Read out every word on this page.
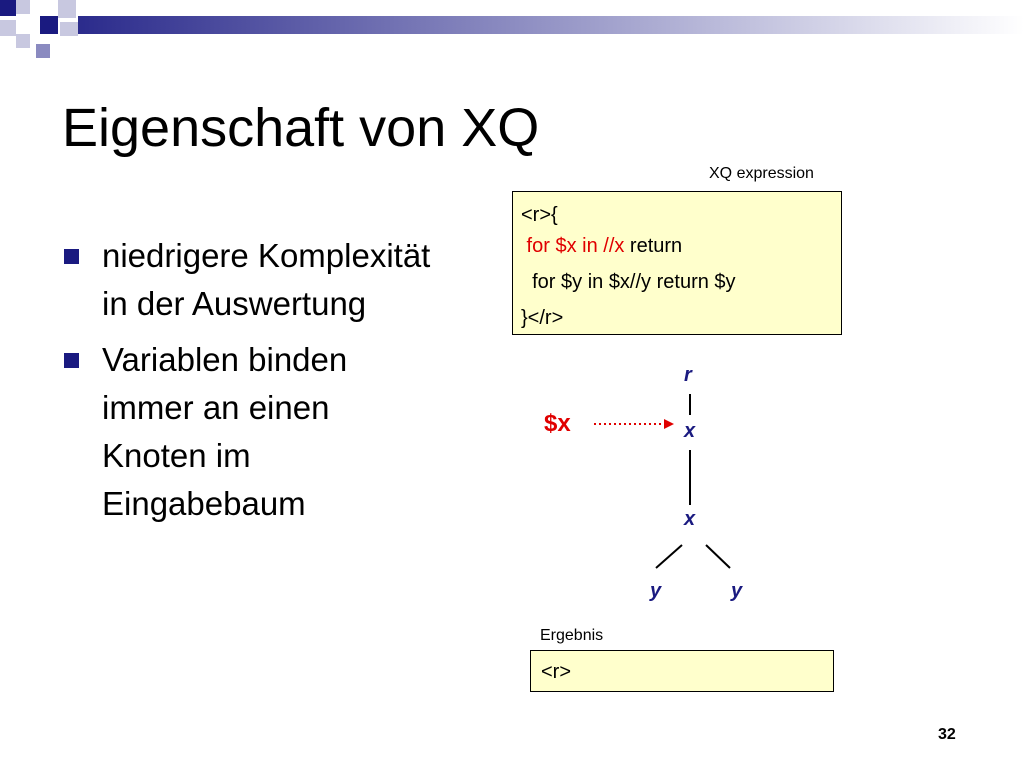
Eigenschaft von XQ
niedrigere Komplexität in der Auswertung
Variablen binden immer an einen Knoten im Eingabebaum
XQ expression
<r>{
for $x in //x return
for $y in $x//y return $y
}</r>
r
x
x
y	y
$x
Ergebnis
<r>
32
